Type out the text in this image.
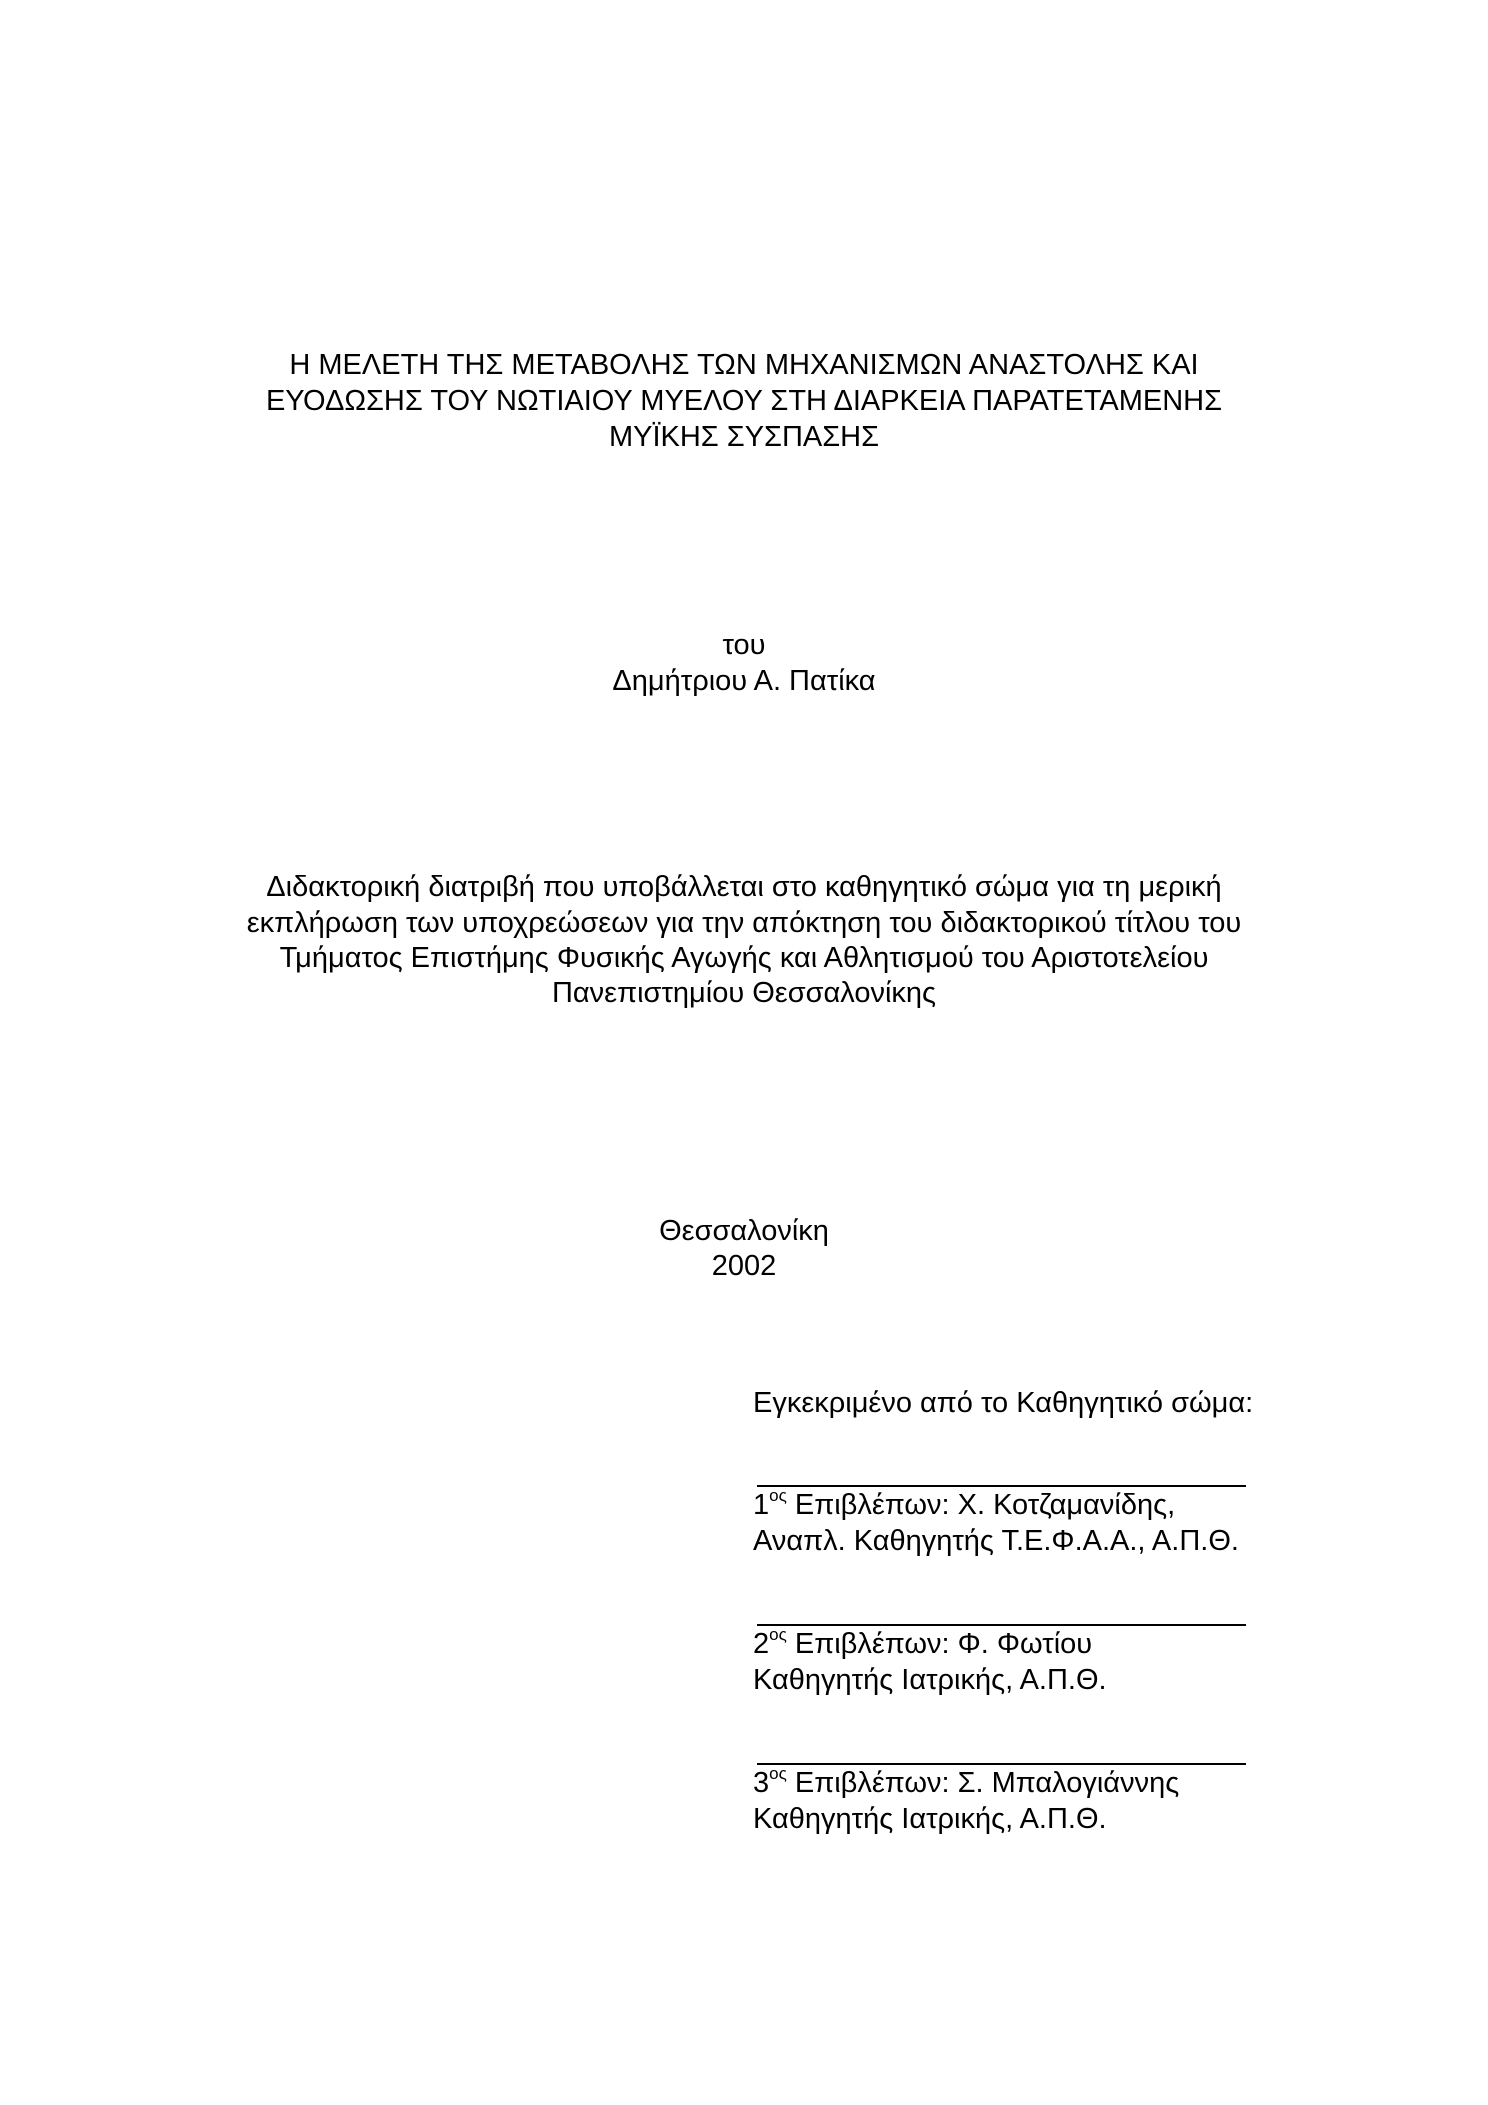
Η ΜΕΛΕΤΗ ΤΗΣ ΜΕΤΑΒΟΛΗΣ ΤΩΝ ΜΗΧΑΝΙΣΜΩΝ ΑΝΑΣΤΟΛΗΣ ΚΑΙ
ΕΥΟΔΩΣΗΣ ΤΟΥ ΝΩΤΙΑΙΟΥ ΜΥΕΛΟΥ ΣΤΗ ΔΙΑΡΚΕΙΑ ΠΑΡΑΤΕΤΑΜΕΝΗΣ
ΜΥΪΚΗΣ ΣΥΣΠΑΣΗΣ
του
Δημήτριου Α. Πατίκα
Διδακτορική διατριβή που υποβάλλεται στο καθηγητικό σώμα για τη μερική
εκπλήρωση των υποχρεώσεων για την απόκτηση του διδακτορικού τίτλου του
Τμήματος Επιστήμης Φυσικής Αγωγής και Αθλητισμού του Αριστοτελείου
Πανεπιστημίου Θεσσαλονίκης
Θεσσαλονίκη
2002
Εγκεκριμένο από το Καθηγητικό σώμα:
$1^{o\varsigma}$ Επιβλέπων: Χ. Κοτζαμανίδης,
Αναπλ. Καθηγητής Τ.Ε.Φ.Α.Α., Α.Π.Θ.
$2^{o\varsigma}$ Επιβλέπων: Φ. Φωτίου
Καθηγητής Ιατρικής, Α.Π.Θ.
$3^{o\varsigma}$ Επιβλέπων: Σ. Μπαλογιάννης
Καθηγητής Ιατρικής, Α.Π.Θ.
